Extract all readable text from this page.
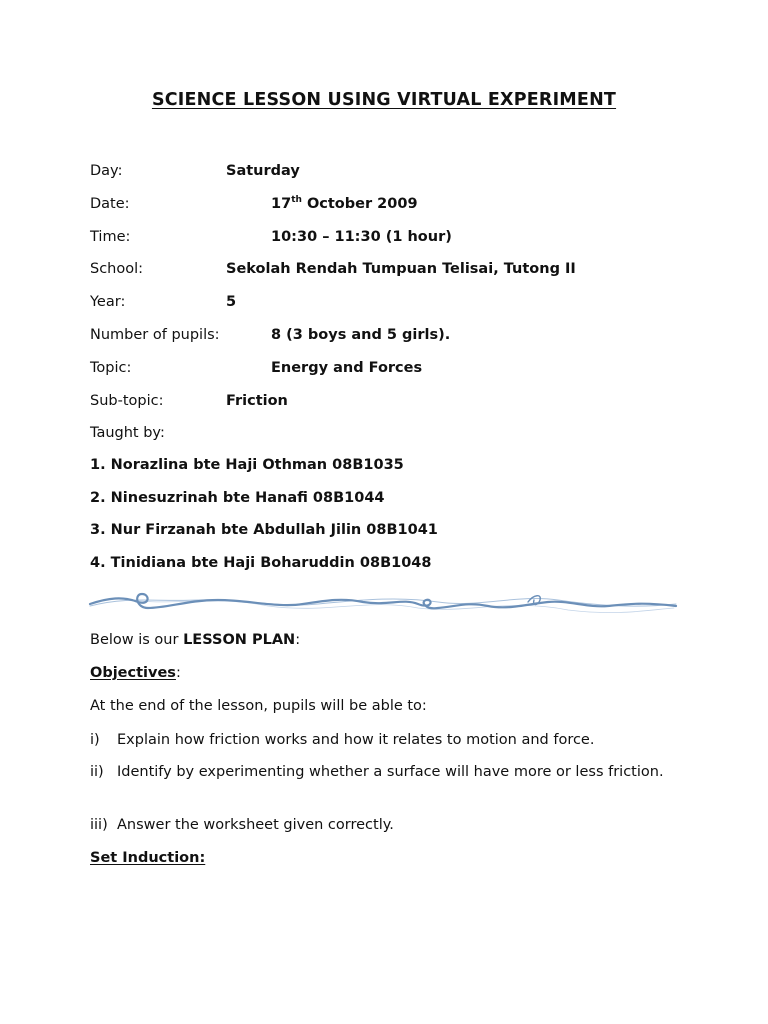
SCIENCE LESSON USING VIRTUAL EXPERIMENT
Day:	Saturday
Date:	17th October 2009
Time:	10:30 – 11:30 (1 hour)
School:	Sekolah Rendah Tumpuan Telisai, Tutong II
Year:	5
Number of pupils:	8 (3 boys and 5 girls).
Topic:	Energy and Forces
Sub-topic:	Friction
Taught by:
1. Norazlina bte Haji Othman 08B1035
2. Ninesuzrinah bte Hanafi 08B1044
3. Nur Firzanah bte Abdullah Jilin 08B1041
4. Tinidiana bte Haji Boharuddin 08B1048
Below is our LESSON PLAN:
Objectives:
At the end of the lesson, pupils will be able to:
i) Explain how friction works and how it relates to motion and force.
ii) Identify by experimenting whether a surface will have more or less friction.
iii) Answer the worksheet given correctly.
Set Induction:
